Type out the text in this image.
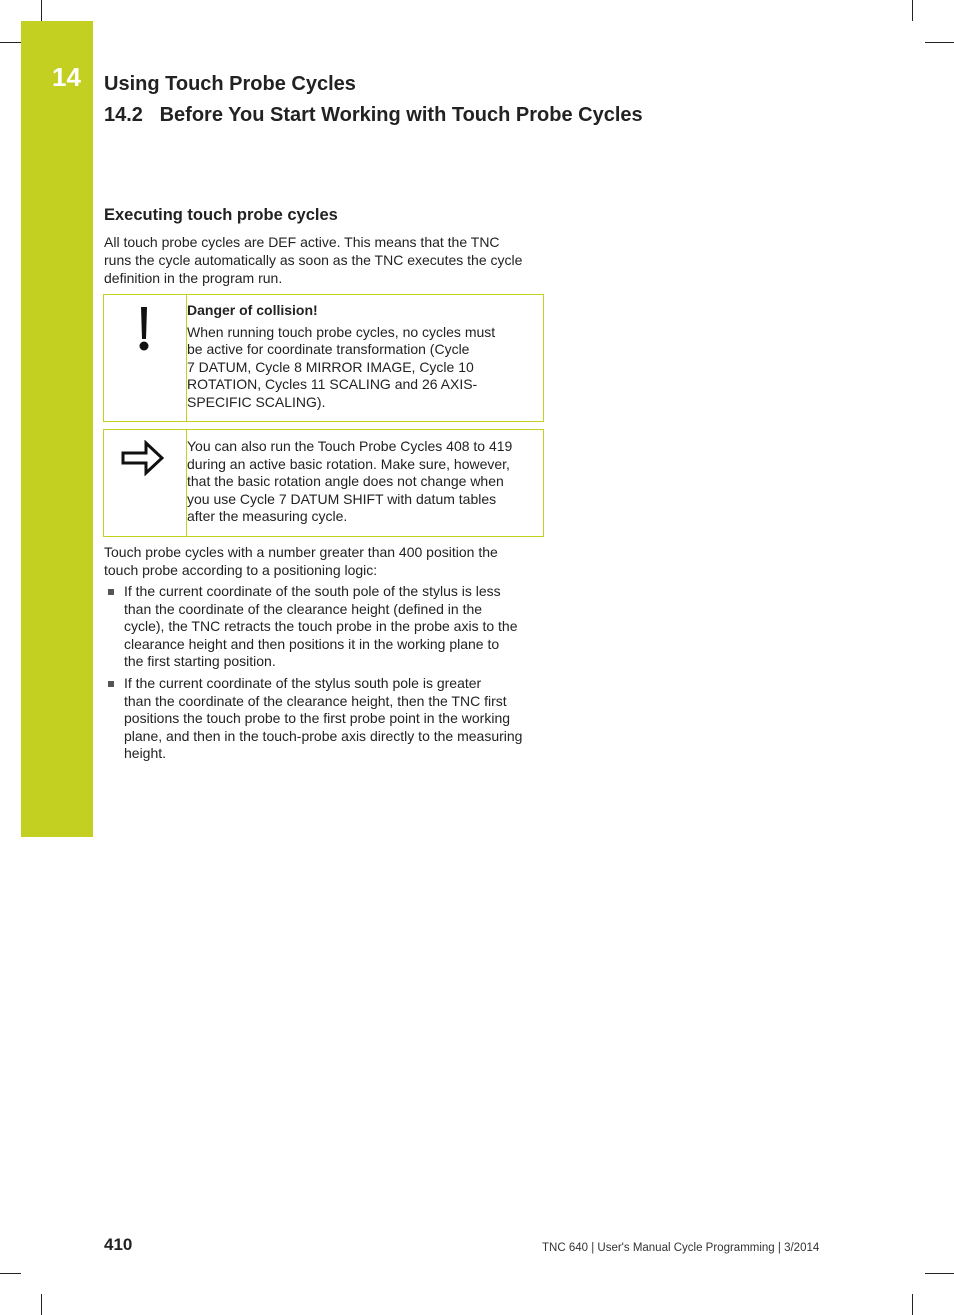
14 Using Touch Probe Cycles
14.2   Before You Start Working with Touch Probe Cycles
Executing touch probe cycles
All touch probe cycles are DEF active. This means that the TNC
runs the cycle automatically as soon as the TNC executes the cycle
definition in the program run.
Danger of collision!
When running touch probe cycles, no cycles must
be active for coordinate transformation (Cycle
7 DATUM, Cycle 8 MIRROR IMAGE, Cycle 10
ROTATION, Cycles 11 SCALING and 26 AXIS-
SPECIFIC SCALING).
You can also run the Touch Probe Cycles 408 to 419
during an active basic rotation. Make sure, however,
that the basic rotation angle does not change when
you use Cycle 7 DATUM SHIFT with datum tables
after the measuring cycle.
Touch probe cycles with a number greater than 400 position the
touch probe according to a positioning logic:
If the current coordinate of the south pole of the stylus is less
than the coordinate of the clearance height (defined in the
cycle), the TNC retracts the touch probe in the probe axis to the
clearance height and then positions it in the working plane to
the first starting position.
If the current coordinate of the stylus south pole is greater
than the coordinate of the clearance height, then the TNC first
positions the touch probe to the first probe point in the working
plane, and then in the touch-probe axis directly to the measuring
height.
410	TNC 640 | User's Manual Cycle Programming | 3/2014
